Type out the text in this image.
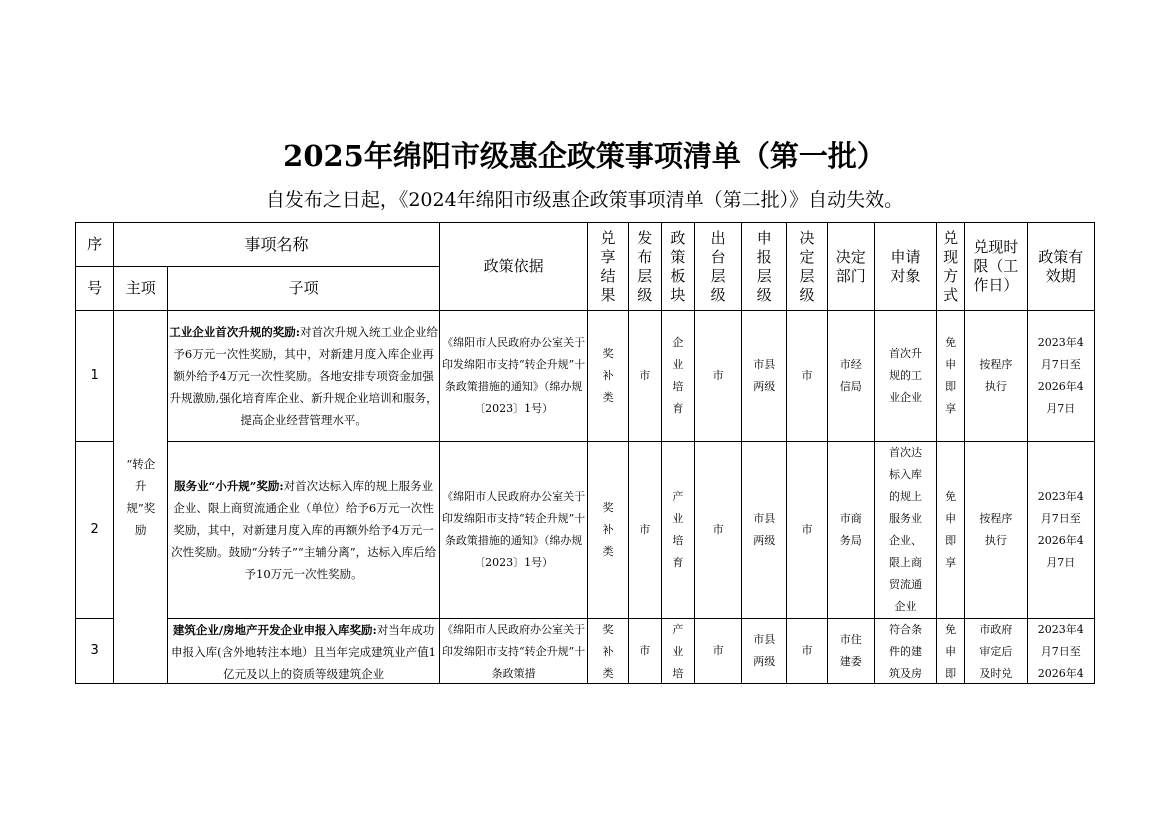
2025年绵阳市级惠企政策事项清单（第一批）
自发布之日起，《2024年绵阳市级惠企政策事项清单（第二批）》自动失效。
序	事项名称		政策依据	兑享结果	发布层级	政策板块	出台层级	申报层级	决定层级	决定部门	申请对象	兑现方式	兑现时限（工作日）	政策有效期

号	主项	子项												
1	“转企升规”奖励	工业企业首次升规的奖励:对首次升规入统工业企业给予6万元一次性奖励，其中，对新建月度入库企业再额外给予4万元一次性奖励。各地安排专项资金加强升规激励,强化培育库企业、新升规企业培训和服务，提高企业经营管理水平。	《绵阳市人民政府办公室关于印发绵阳市支持“转企升规”十条政策措施的通知》（绵办规〔2023〕1号）	奖补类	市	企业培育	市	市县两级	市	市经信局	首次升规的工业企业	免申即享	按程序执行	2023年4月7日至2026年4月7日

2		服务业“小升规”奖励:对首次达标入库的规上服务业企业、限上商贸流通企业（单位）给予6万元一次性奖励，其中，对新建月度入库的再额外给予4万元一次性奖励。鼓励“分转子”“主辅分离”，达标入库后给予10万元一次性奖励。	《绵阳市人民政府办公室关于印发绵阳市支持“转企升规”十条政策措施的通知》（绵办规〔2023〕1号）	奖补类	市	产业培育	市	市县两级	市	市商务局	首次达标入库的规上服务业企业、限上商贸流通企业	免申即享	按程序执行	2023年4月7日至2026年4月7日

3		建筑企业/房地产开发企业申报入库奖励:对当年成功申报入库(含外地转注本地）且当年完成建筑业产值1亿元及以上的资质等级建筑企业	《绵阳市人民政府办公室关于印发绵阳市支持“转企升规”十条政策措	奖补类	市	产业培	市	市县两级	市	市住建委	符合条件的建筑及房	免申即	市政府审定后及时兑	2023年4月7日至2026年4
